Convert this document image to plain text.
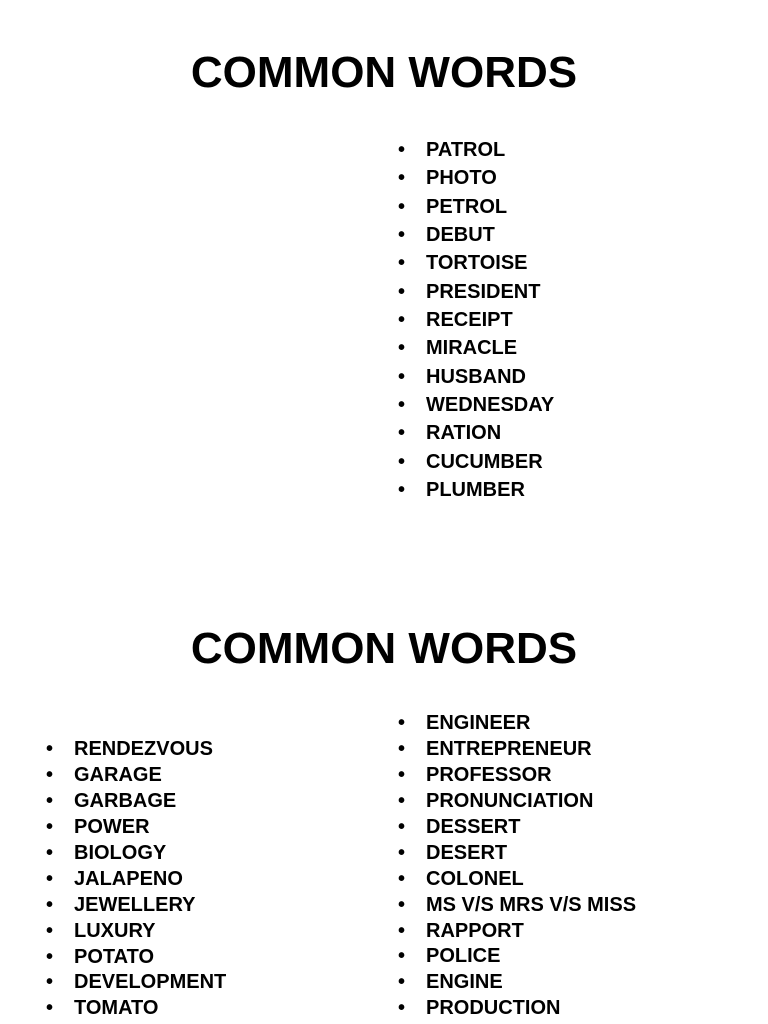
COMMON WORDS
• PATROL
• PHOTO
• PETROL
• DEBUT
• TORTOISE
• PRESIDENT
• RECEIPT
• MIRACLE
• HUSBAND
• WEDNESDAY
• RATION
• CUCUMBER
• PLUMBER
COMMON WORDS
• RENDEZVOUS
• GARAGE
• GARBAGE
• POWER
• BIOLOGY
• JALAPENO
• JEWELLERY
• LUXURY
• POTATO
• DEVELOPMENT
• TOMATO
• ENGINEER
• ENTREPRENEUR
• PROFESSOR
• PRONUNCIATION
• DESSERT
• DESERT
• COLONEL
• MS V/S MRS V/S MISS
• RAPPORT
• POLICE
• ENGINE
• PRODUCTION
